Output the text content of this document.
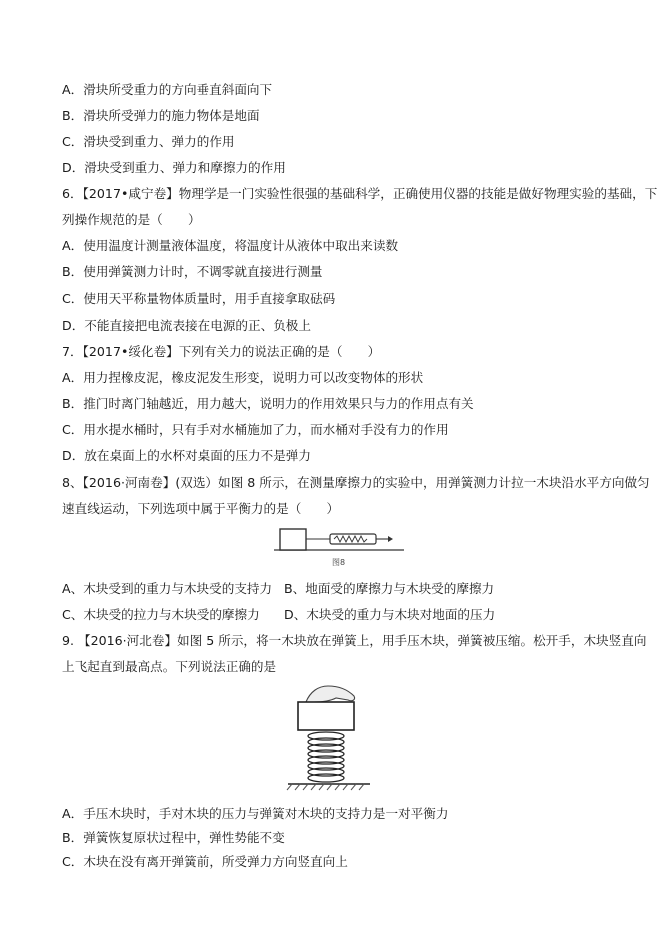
A．滑块所受重力的方向垂直斜面向下
B．滑块所受弹力的施力物体是地面
C．滑块受到重力、弹力的作用
D．滑块受到重力、弹力和摩擦力的作用
6．【2017•咸宁卷】物理学是一门实验性很强的基础科学，正确使用仪器的技能是做好物理实验的基础，下
列操作规范的是（　　）
A．使用温度计测量液体温度，将温度计从液体中取出来读数
B．使用弹簧测力计时，不调零就直接进行测量
C．使用天平称量物体质量时，用手直接拿取砝码
D．不能直接把电流表接在电源的正、负极上
7．【2017•绥化卷】下列有关力的说法正确的是（　　）
A．用力捏橡皮泥，橡皮泥发生形变，说明力可以改变物体的形状
B．推门时离门轴越近，用力越大，说明力的作用效果只与力的作用点有关
C．用水提水桶时，只有手对水桶施加了力，而水桶对手没有力的作用
D．放在桌面上的水杯对桌面的压力不是弹力
8、【2016·河南卷】(双选）如图 8 所示，在测量摩擦力的实验中，用弹簧测力计拉一木块沿水平方向做匀
速直线运动，下列选项中属于平衡力的是（　　）
图8
A、木块受到的重力与木块受的支持力 B、地面受的摩擦力与木块受的摩擦力
C、木块受的拉力与木块受的摩擦力 D、木块受的重力与木块对地面的压力
9. 【2016·河北卷】如图 5 所示，将一木块放在弹簧上，用手压木块，弹簧被压缩。松开手，木块竖直向
上飞起直到最高点。下列说法正确的是
A．手压木块时，手对木块的压力与弹簧对木块的支持力是一对平衡力
B．弹簧恢复原状过程中，弹性势能不变
C．木块在没有离开弹簧前，所受弹力方向竖直向上
